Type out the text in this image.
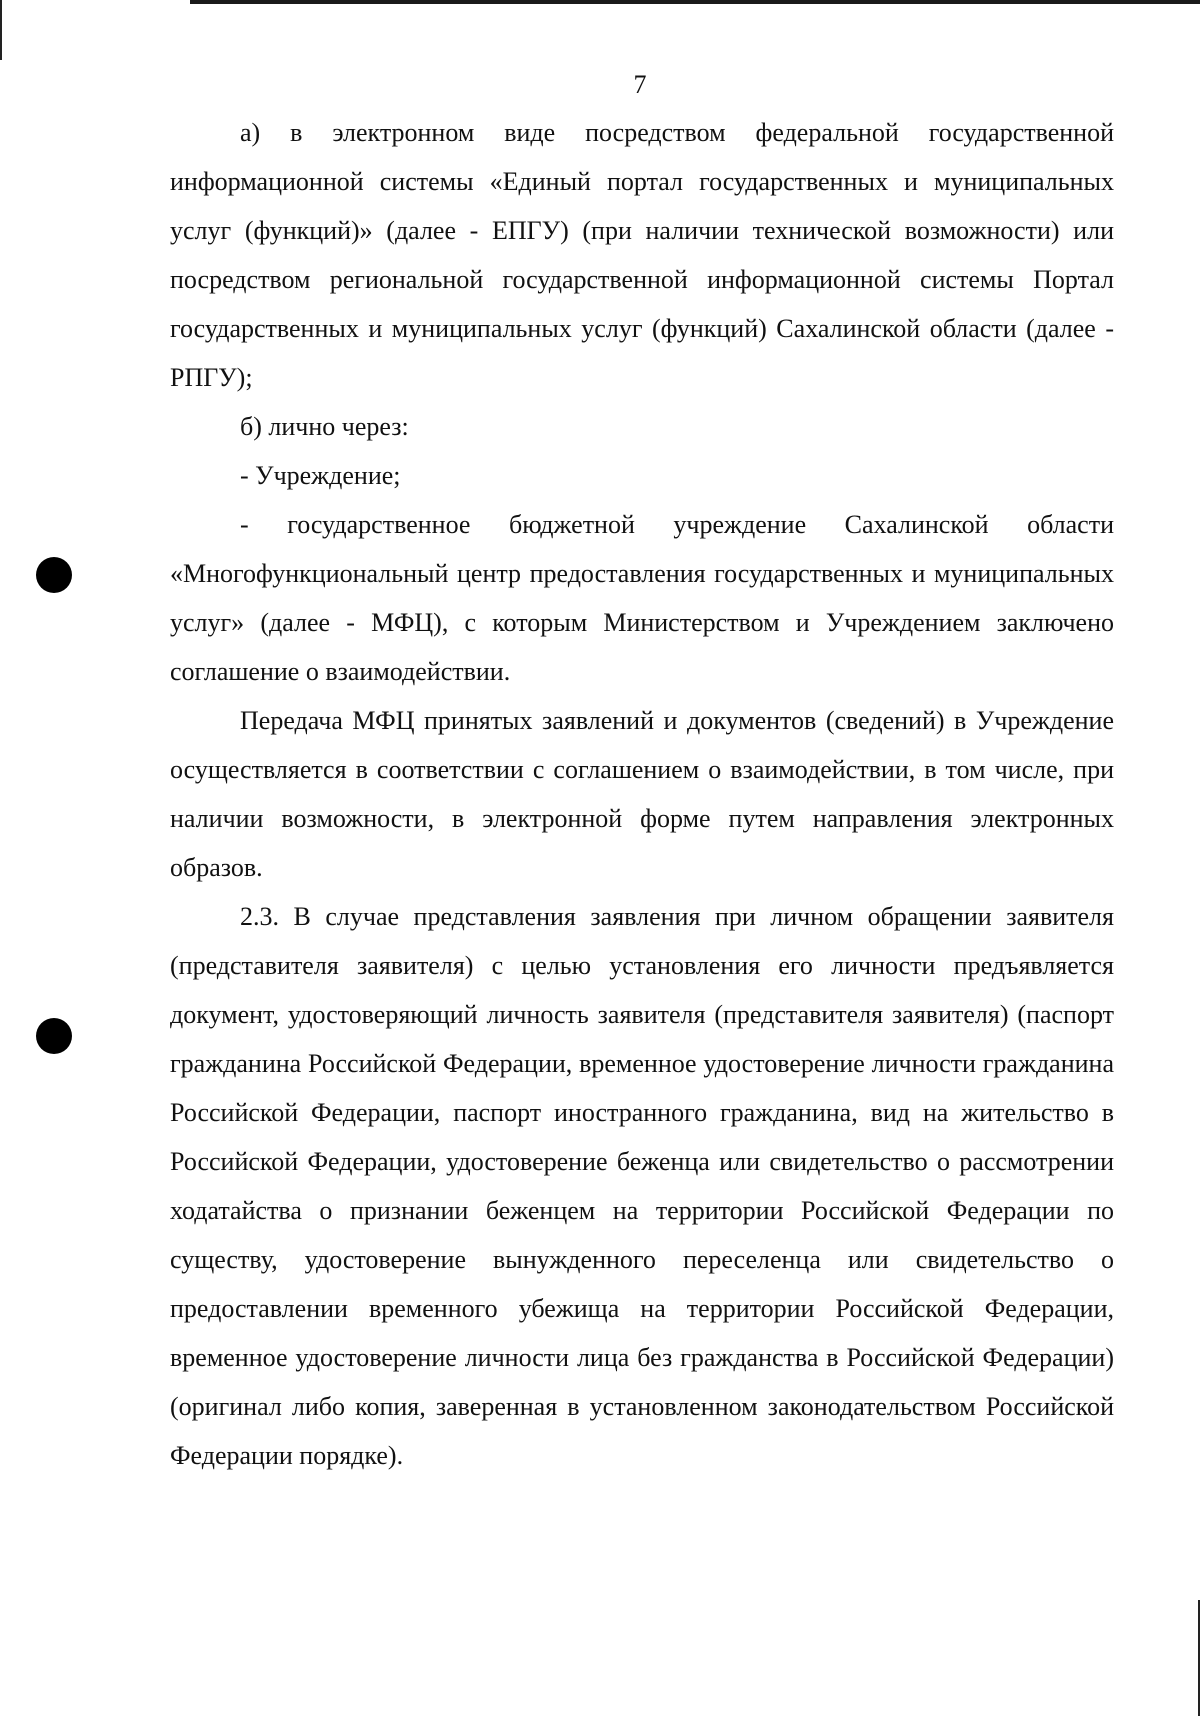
7

а) в электронном виде посредством федеральной государственной информационной системы «Единый портал государственных и муниципальных услуг (функций)» (далее - ЕПГУ) (при наличии технической возможности) или посредством региональной государственной информационной системы Портал государственных и муниципальных услуг (функций) Сахалинской области (далее - РПГУ);

б) лично через:

- Учреждение;

- государственное бюджетной учреждение Сахалинской области «Многофункциональный центр предоставления государственных и муниципальных услуг» (далее - МФЦ), с которым Министерством и Учреждением заключено соглашение о взаимодействии.

Передача МФЦ принятых заявлений и документов (сведений) в Учреждение осуществляется в соответствии с соглашением о взаимодействии, в том числе, при наличии возможности, в электронной форме путем направления электронных образов.

2.3. В случае представления заявления при личном обращении заявителя (представителя заявителя) с целью установления его личности предъявляется документ, удостоверяющий личность заявителя (представителя заявителя) (паспорт гражданина Российской Федерации, временное удостоверение личности гражданина Российской Федерации, паспорт иностранного гражданина, вид на жительство в Российской Федерации, удостоверение беженца или свидетельство о рассмотрении ходатайства о признании беженцем на территории Российской Федерации по существу, удостоверение вынужденного переселенца или свидетельство о предоставлении временного убежища на территории Российской Федерации, временное удостоверение личности лица без гражданства в Российской Федерации) (оригинал либо копия, заверенная в установленном законодательством Российской Федерации порядке).
